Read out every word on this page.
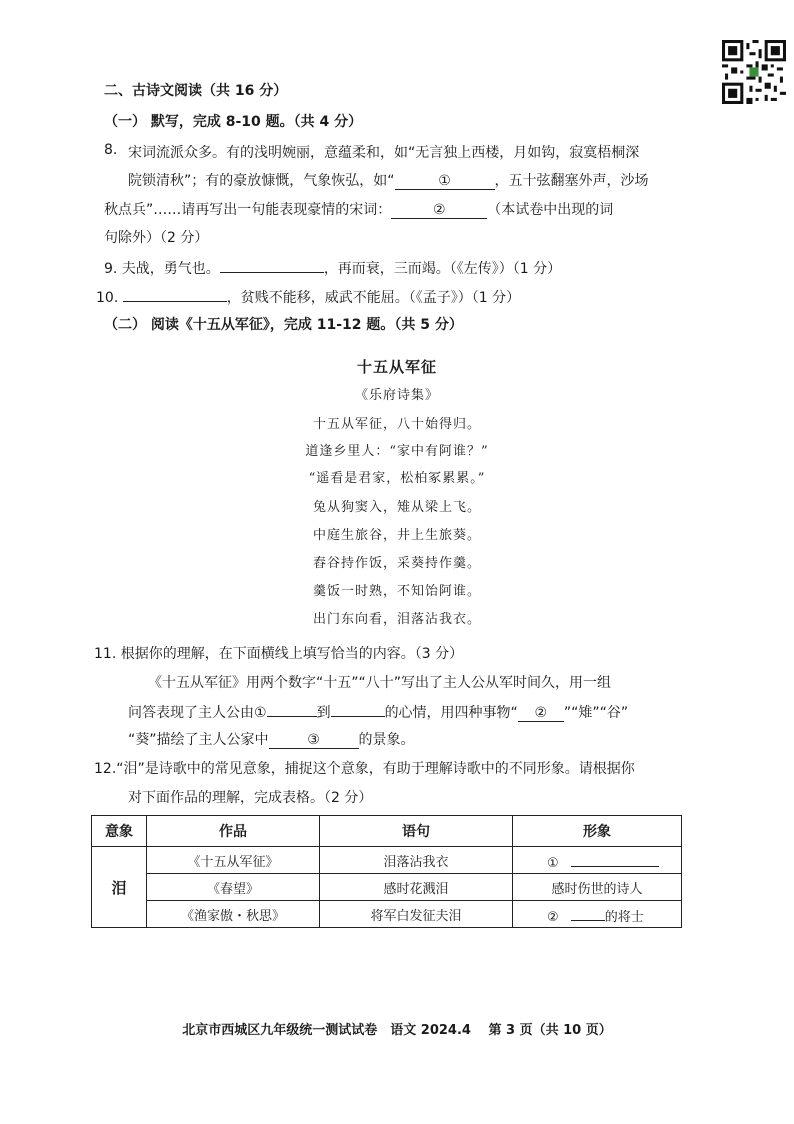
二、古诗文阅读（共 16 分）
（一） 默写，完成 8-10 题。（共 4 分）
8. 宋词流派众多。有的浅明婉丽，意蕴柔和，如“无言独上西楼，月如钩，寂寞梧桐深
院锁清秋”；有的豪放慷慨，气象恢弘，如“	①	，五十弦翻塞外声，沙场
秋点兵”……请再写出一句能表现豪情的宋词：	②	（本试卷中出现的词
句除外）（2 分）
9. 夫战，勇气也。	，再而衰，三而竭。（《左传》）（1 分）
10.	，贫贱不能移，威武不能屈。（《孟子》）（1 分）
（二） 阅读《十五从军征》，完成 11-12 题。（共 5 分）
十五从军征
《乐府诗集》
十五从军征，八十始得归。
道逢乡里人：“家中有阿谁？”
“遥看是君家，松柏冢累累。”
兔从狗窦入，雉从梁上飞。
中庭生旅谷，井上生旅葵。
舂谷持作饭，采葵持作羹。
羹饭一时熟，不知饴阿谁。
出门东向看，泪落沾我衣。
11. 根据你的理解，在下面横线上填写恰当的内容。（3 分）
《十五从军征》用两个数字“十五”“八十”写出了主人公从军时间久，用一组
问答表现了主人公由①	到	的心情，用四种事物“ ② ”“雉”“谷”
“葵”描绘了主人公家中	③	的景象。
12.“泪”是诗歌中的常见意象，捕捉这个意象，有助于理解诗歌中的不同形象。请根据你
对下面作品的理解，完成表格。（2 分）
意象	作品	语句	形象
泪	《十五从军征》	泪落沾我衣	①
	《春望》	感时花溅泪	感时伤世的诗人
	《渔家傲・秋思》	将军白发征夫泪	② 的将士
北京市西城区九年级统一测试试卷　语文 2024.4　 第 3 页（共 10 页）
